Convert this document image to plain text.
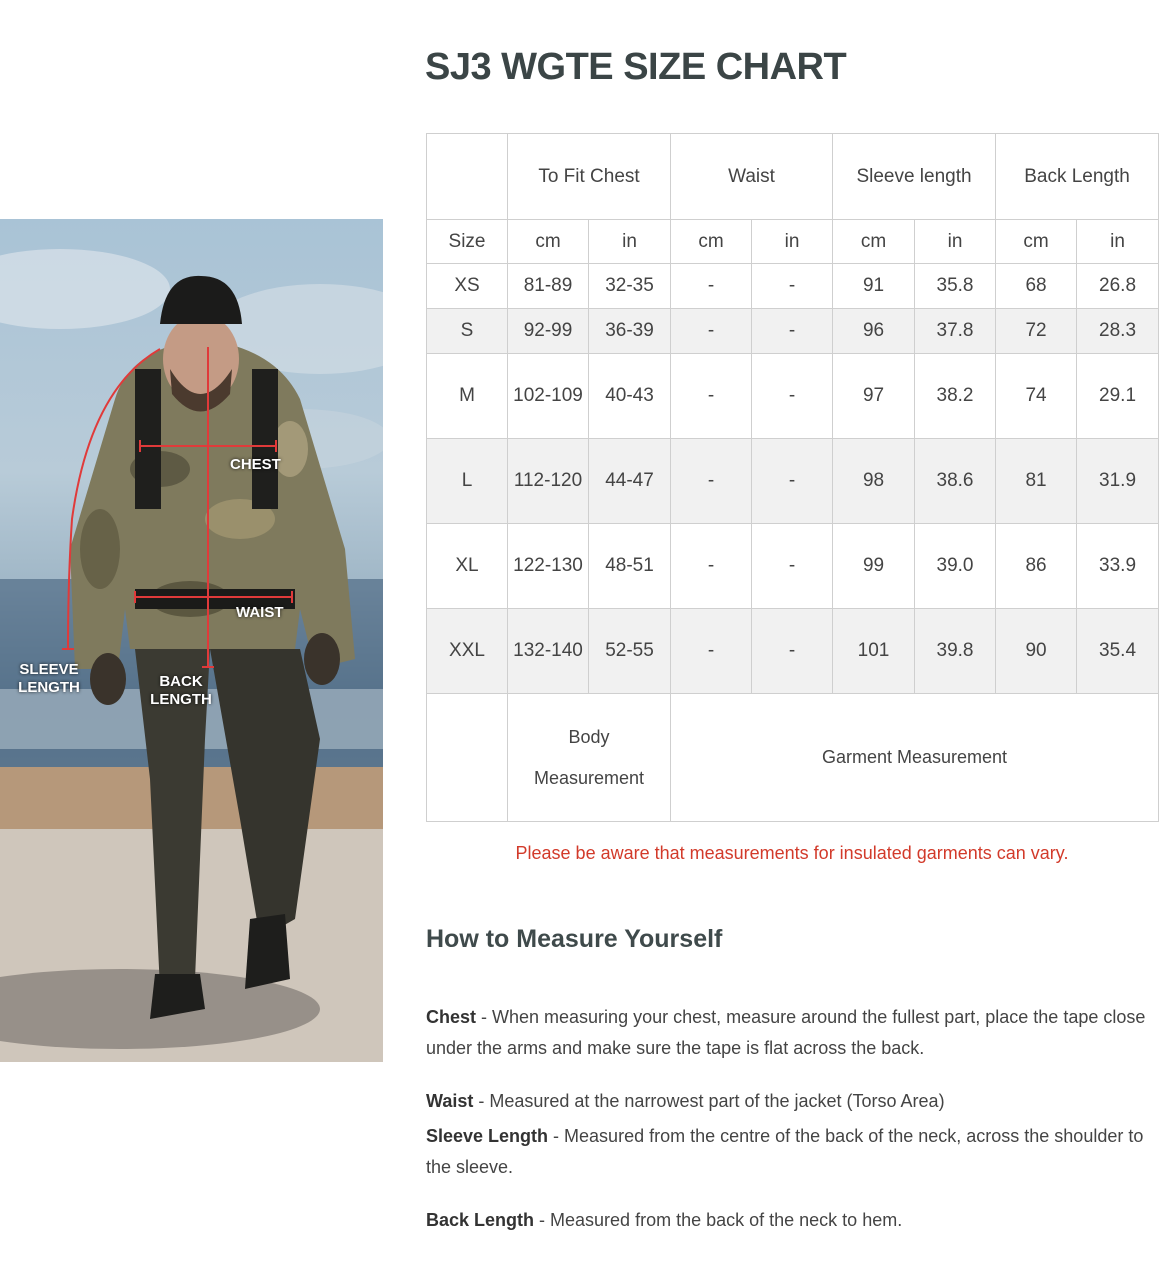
CHEST
WAIST
SLEEVE
LENGTH	BACK
LENGTH
SJ3 WGTE SIZE CHART
	To Fit Chest		Waist		Sleeve length		Back Length	
Size	cm	in	cm	in	cm	in	cm	in
XS	81-89	32-35	-	-	91	35.8	68	26.8
S	92-99	36-39	-	-	96	37.8	72	28.3
M	102-109	40-43	-	-	97	38.2	74	29.1
L	112-120	44-47	-	-	98	38.6	81	31.9
XL	122-130	48-51	-	-	99	39.0	86	33.9
XXL	132-140	52-55	-	-	101	39.8	90	35.4
	Body Measurement		Garment Measurement					
Please be aware that measurements for insulated garments can vary.
How to Measure Yourself

Chest - When measuring your chest, measure around the fullest part, place the tape close under the arms and make sure the tape is flat across the back.

Waist - Measured at the narrowest part of the jacket (Torso Area)

Sleeve Length - Measured from the centre of the back of the neck, across the shoulder to the sleeve.

Back Length - Measured from the back of the neck to hem.
